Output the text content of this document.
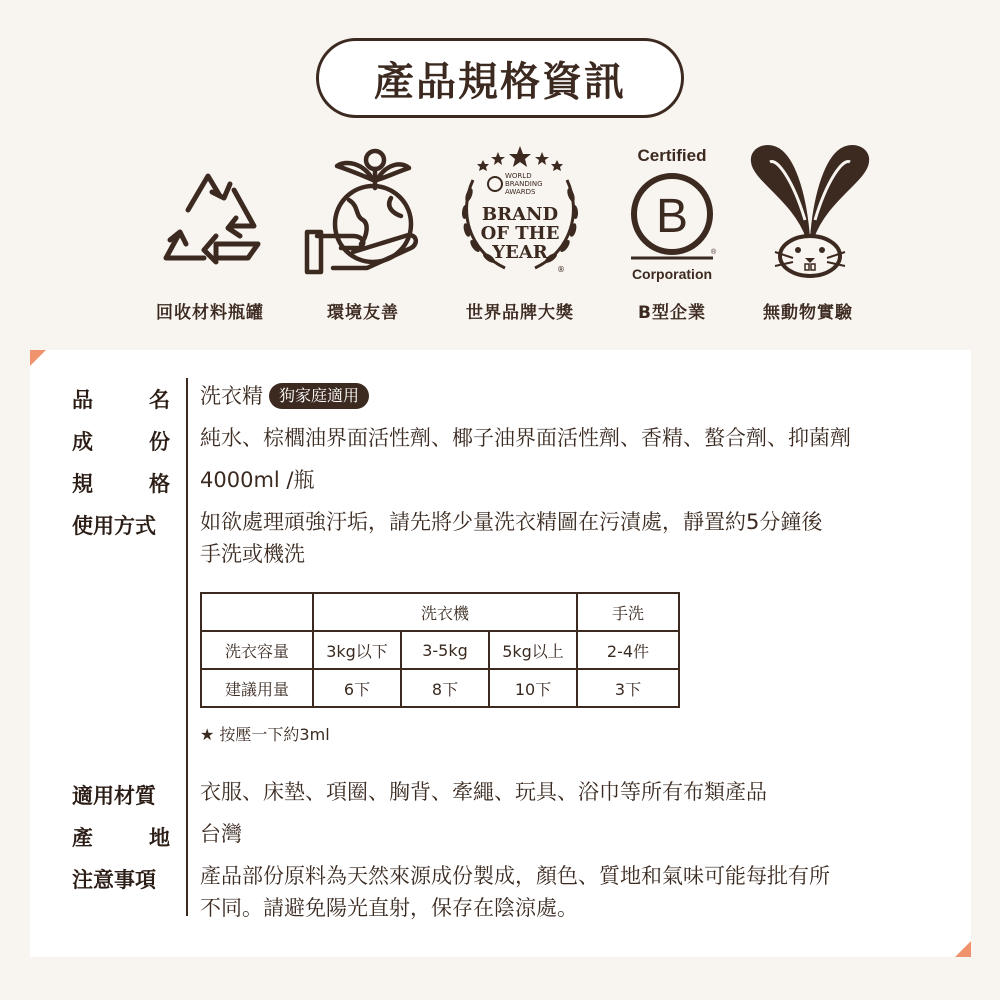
產品規格資訊
回收材料瓶罐	環境友善
WORLD
BRANDING
AWARDS
BRAND
OF THE
YEAR
®
世界品牌大獎
Certified
B
®
Corporation
B型企業	無動物實驗
品	名 洗衣精 狗家庭適用
成	份 純水、棕櫚油界面活性劑、椰子油界面活性劑、香精、螯合劑、抑菌劑
規	格 4000ml /瓶
使用方式	如欲處理頑強汙垢，請先將少量洗衣精圖在污漬處，靜置約5分鐘後
手洗或機洗
	洗衣機			手洗
洗衣容量	3kg以下	3-5kg	5kg以上	2-4件
建議用量	6下	8下	10下	3下
★ 按壓一下約3ml
適用材質	衣服、床墊、項圈、胸背、牽繩、玩具、浴巾等所有布類產品
產	地 台灣
注意事項	產品部份原料為天然來源成份製成，顏色、質地和氣味可能每批有所
不同。請避免陽光直射，保存在陰涼處。
